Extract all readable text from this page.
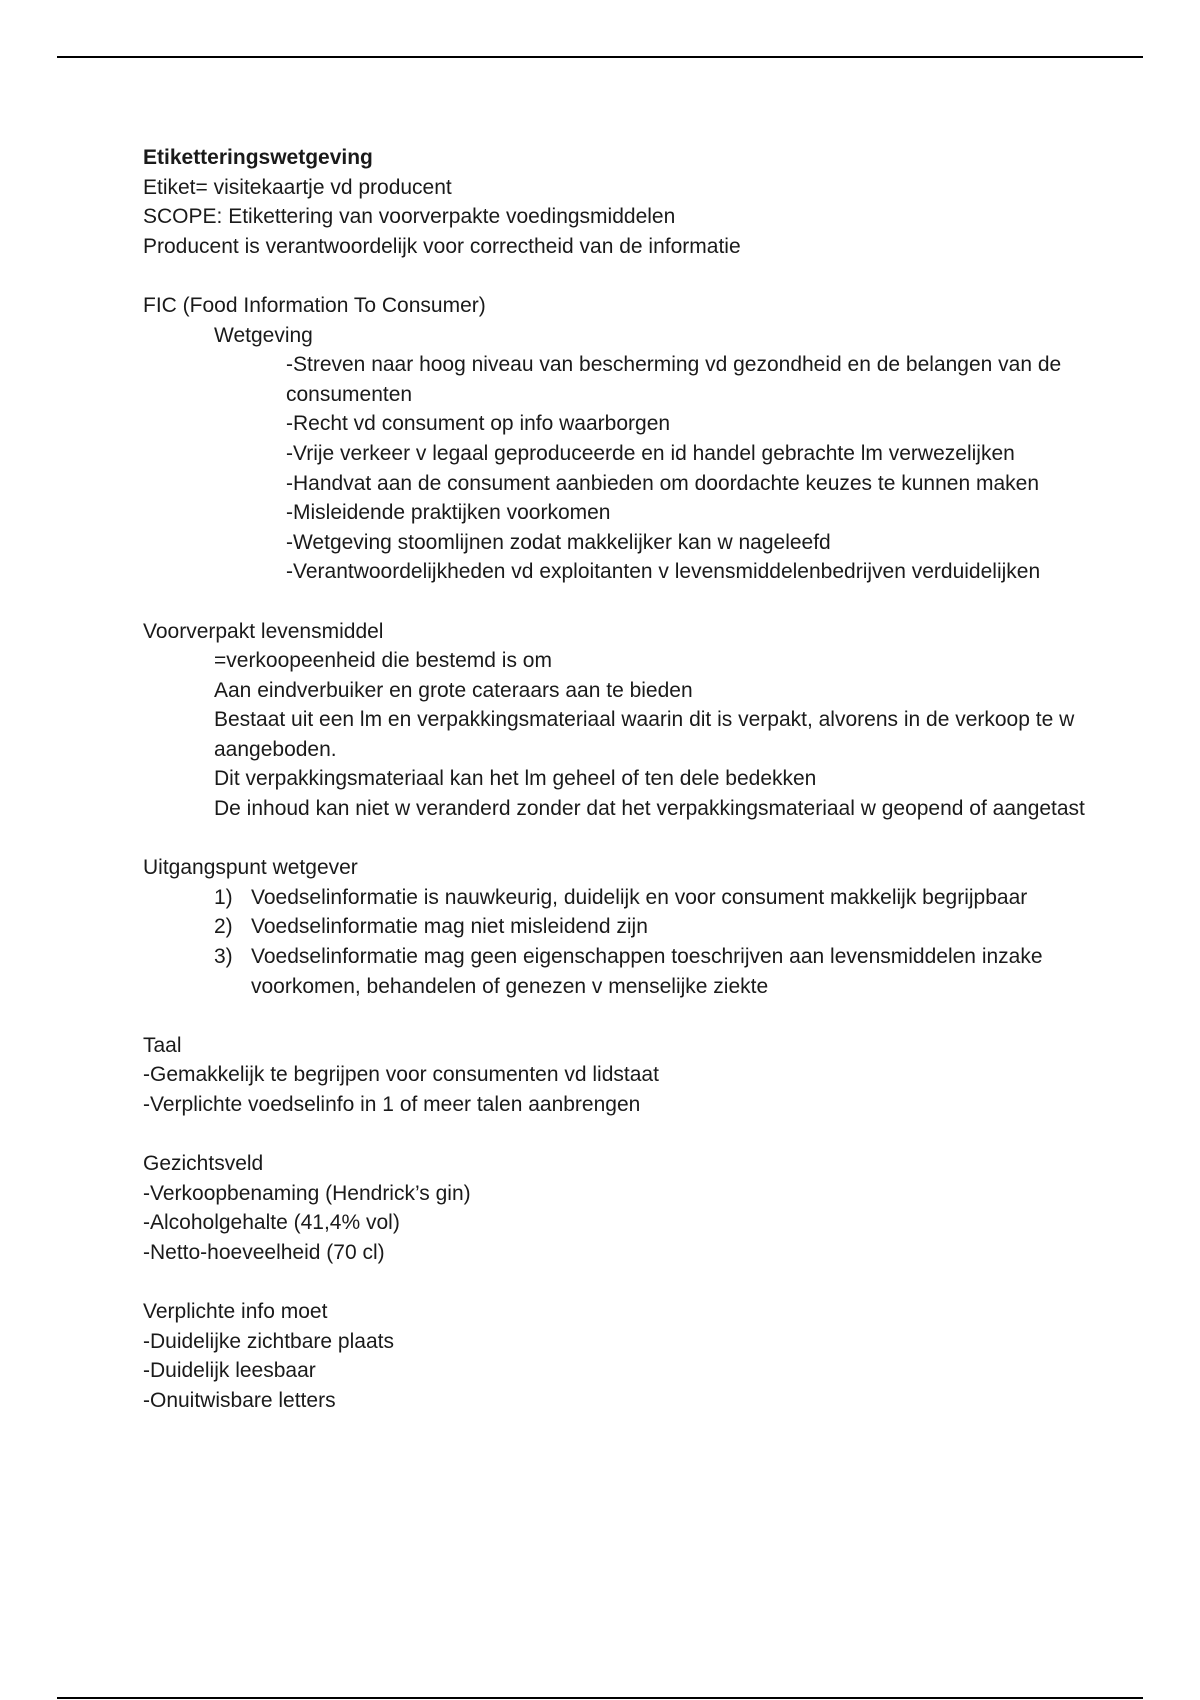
Etiketteringswetgeving

Etiket= visitekaartje vd producent

SCOPE: Etikettering van voorverpakte voedingsmiddelen

Producent is verantwoordelijk voor correctheid van de informatie

FIC (Food Information To Consumer)

Wetgeving

-Streven naar hoog niveau van bescherming vd gezondheid en de belangen van de consumenten

-Recht vd consument op info waarborgen

-Vrije verkeer v legaal geproduceerde en id handel gebrachte lm verwezelijken

-Handvat aan de consument aanbieden om doordachte keuzes te kunnen maken

-Misleidende praktijken voorkomen

-Wetgeving stoomlijnen zodat makkelijker kan w nageleefd

-Verantwoordelijkheden vd exploitanten v levensmiddelenbedrijven verduidelijken

Voorverpakt levensmiddel

=verkoopeenheid die bestemd is om

Aan eindverbuiker en grote cateraars aan te bieden

Bestaat uit een lm en verpakkingsmateriaal waarin dit is verpakt, alvorens in de verkoop te w aangeboden.

Dit verpakkingsmateriaal kan het lm geheel of ten dele bedekken

De inhoud kan niet w veranderd zonder dat het verpakkingsmateriaal w geopend of aangetast

Uitgangspunt wetgever

1) Voedselinformatie is nauwkeurig, duidelijk en voor consument makkelijk begrijpbaar
2) Voedselinformatie mag niet misleidend zijn
3) Voedselinformatie mag geen eigenschappen toeschrijven aan levensmiddelen inzake voorkomen, behandelen of genezen v menselijke ziekte

Taal

-Gemakkelijk te begrijpen voor consumenten vd lidstaat

-Verplichte voedselinfo in 1 of meer talen aanbrengen

Gezichtsveld

-Verkoopbenaming (Hendrick’s gin)

-Alcoholgehalte (41,4% vol)

-Netto-hoeveelheid (70 cl)

Verplichte info moet

-Duidelijke zichtbare plaats

-Duidelijk leesbaar

-Onuitwisbare letters
